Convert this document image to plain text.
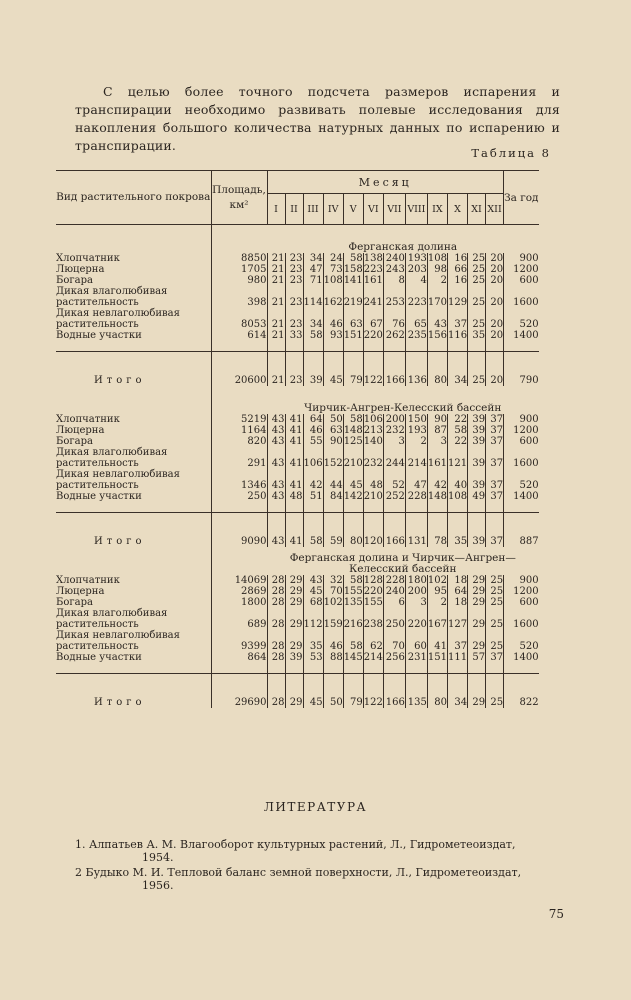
С целью более точного подсчета размеров испарения и транспирации необходимо развивать полевые исследования для накопления большого количества натурных данных по испарению и транспирации.

Таблица 8
Вид растительного покрова	Площадь, км²	Месяц												За год
		I	II	III	IV	V	VI	VII	VIII	IX	X	XI	XII	
		Ферганская долина												
Хлопчатник	8850	21	23	34	24	58	138	240	193	108	16	25	20	900
Люцерна	1705	21	23	47	73	158	223	243	203	98	66	25	20	1200
Богара	980	21	23	71	108	141	161	8	4	2	16	25	20	600
Дикая влаголюбивая растительность	398	21	23	114	162	219	241	253	223	170	129	25	20	1600
Дикая невлаголюбивая растительность	8053	21	23	34	46	63	67	76	65	43	37	25	20	520
Водные участки	614	21	33	58	93	151	220	262	235	156	116	35	20	1400

Итого	20600	21	23	39	45	79	122	166	136	80	34	25	20	790
		Чирчик-Ангрен-Келесский бассейн												
Хлопчатник	5219	43	41	64	50	58	106	200	150	90	22	39	37	900
Люцерна	1164	43	41	46	63	148	213	232	193	87	58	39	37	1200
Богара	820	43	41	55	90	125	140	3	2	3	22	39	37	600
Дикая влаголюбивая растительность	291	43	41	106	152	210	232	244	214	161	121	39	37	1600
Дикая невлаголюбивая растительность	1346	43	41	42	44	45	48	52	47	42	40	39	37	520
Водные участки	250	43	48	51	84	142	210	252	228	148	108	49	37	1400

Итого	9090	43	41	58	59	80	120	166	131	78	35	39	37	887
		Ферганская долина и Чирчик—Ангрен—Келесский бассейн												
Хлопчатник	14069	28	29	43	32	58	128	228	180	102	18	29	25	900
Люцерна	2869	28	29	45	70	155	220	240	200	95	64	29	25	1200
Богара	1800	28	29	68	102	135	155	6	3	2	18	29	25	600
Дикая влаголюбивая растительность	689	28	29	112	159	216	238	250	220	167	127	29	25	1600
Дикая невлаголюбивая растительность	9399	28	29	35	46	58	62	70	60	41	37	29	25	520
Водные участки	864	28	39	53	88	145	214	256	231	151	111	57	37	1400

Итого	29690	28	29	45	50	79	122	166	135	80	34	29	25	822
ЛИТЕРАТУРА
1. Алпатьев А. М. Влагооборот культурных растений, Л., Гидрометеоиздат,
1954.
2 Будыко М. И. Тепловой баланс земной поверхности, Л., Гидрометеоиздат,
1956.
75
